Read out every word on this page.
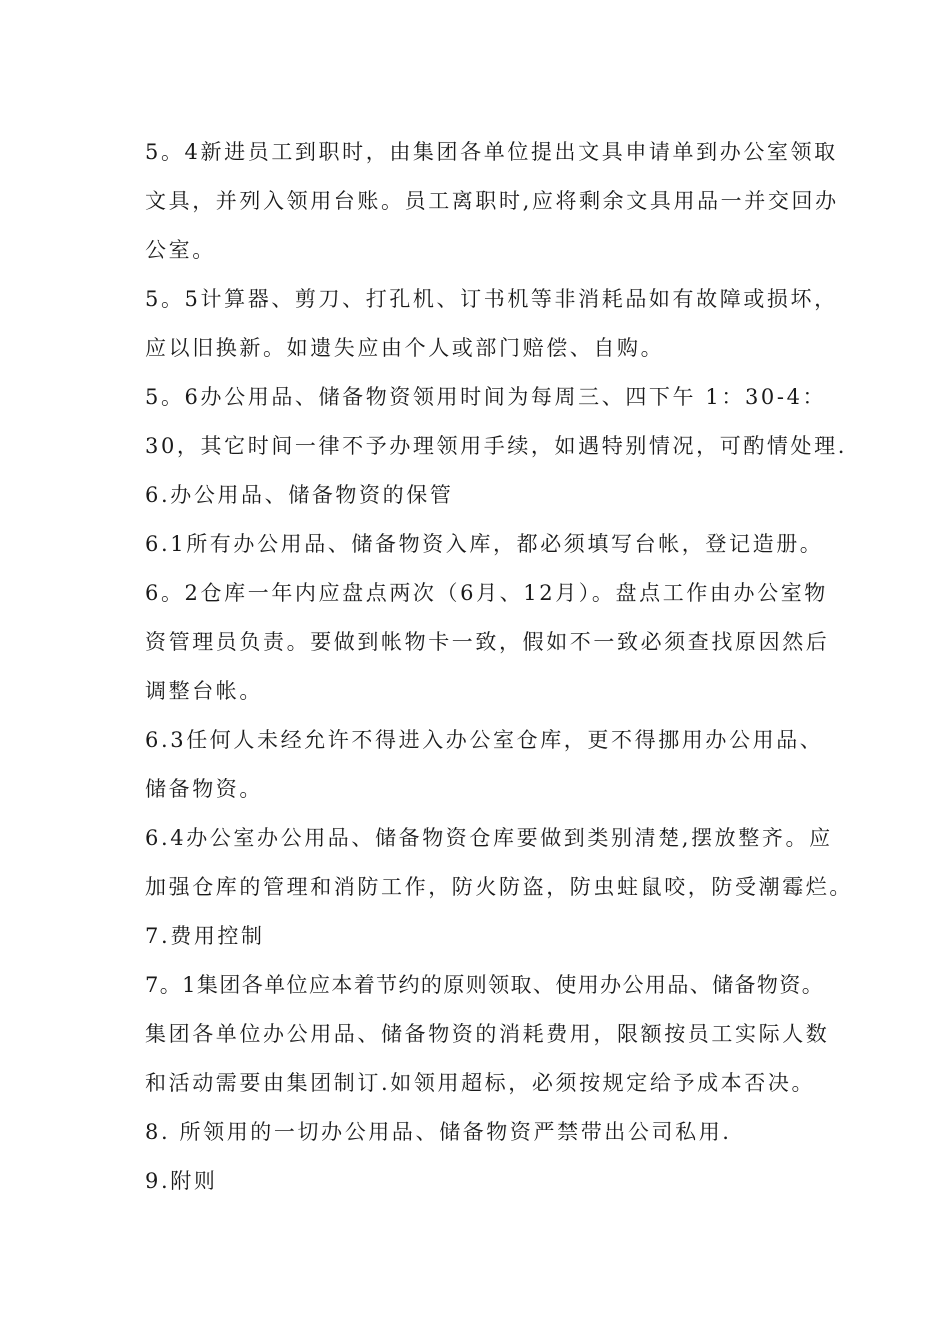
5。4新进员工到职时，由集团各单位提出文具申请单到办公室领取
文具，并列入领用台账。员工离职时,应将剩余文具用品一并交回办
公室。
5。5计算器、剪刀、打孔机、订书机等非消耗品如有故障或损坏，
应以旧换新。如遗失应由个人或部门赔偿、自购。
5。6办公用品、储备物资领用时间为每周三、四下午 1：30-4：
30，其它时间一律不予办理领用手续，如遇特别情况，可酌情处理.
6.办公用品、储备物资的保管
6.1所有办公用品、储备物资入库，都必须填写台帐，登记造册。
6。2仓库一年内应盘点两次（6月、12月）。盘点工作由办公室物
资管理员负责。要做到帐物卡一致，假如不一致必须查找原因然后
调整台帐。
6.3任何人未经允许不得进入办公室仓库，更不得挪用办公用品、
储备物资。
6.4办公室办公用品、储备物资仓库要做到类别清楚,摆放整齐。应
加强仓库的管理和消防工作，防火防盗，防虫蛀鼠咬，防受潮霉烂。
7.费用控制
7。1集团各单位应本着节约的原则领取、使用办公用品、储备物资。
集团各单位办公用品、储备物资的消耗费用，限额按员工实际人数
和活动需要由集团制订.如领用超标，必须按规定给予成本否决。
8. 所领用的一切办公用品、储备物资严禁带出公司私用.
9.附则
